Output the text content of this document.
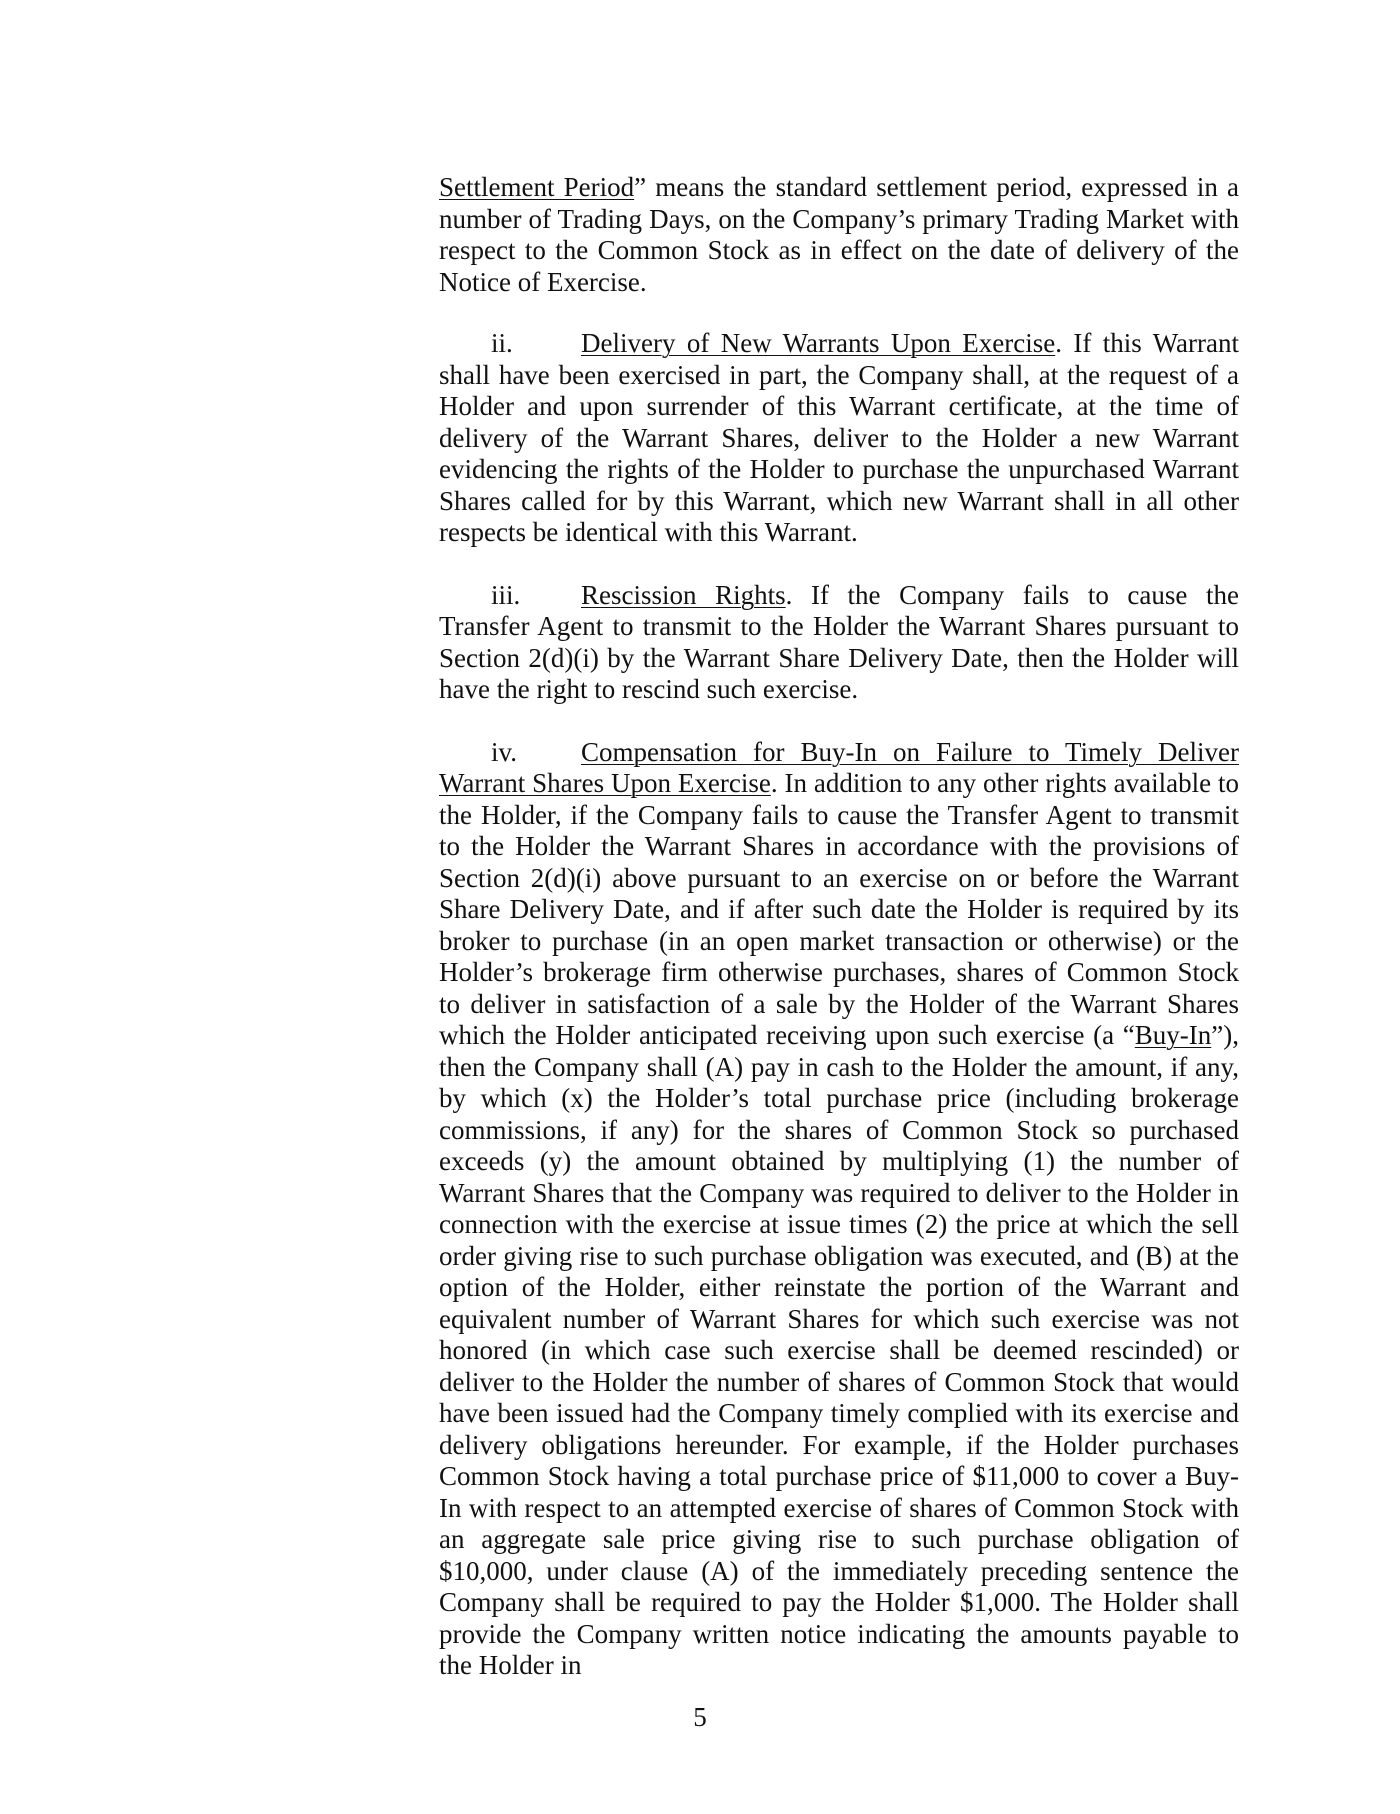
Settlement Period” means the standard settlement period, expressed in a number of Trading Days, on the Company’s primary Trading Market with respect to the Common Stock as in effect on the date of delivery of the Notice of Exercise.

ii.	Delivery of New Warrants Upon Exercise. If this Warrant shall have been exercised in part, the Company shall, at the request of a Holder and upon surrender of this Warrant certificate, at the time of delivery of the Warrant Shares, deliver to the Holder a new Warrant evidencing the rights of the Holder to purchase the unpurchased Warrant Shares called for by this Warrant, which new Warrant shall in all other respects be identical with this Warrant.

iii. Rescission Rights. If the Company fails to cause the Transfer Agent to transmit to the Holder the Warrant Shares pursuant to Section 2(d)(i) by the Warrant Share Delivery Date, then the Holder will have the right to rescind such exercise.

iv. Compensation for Buy-In on Failure to Timely Deliver Warrant Shares Upon Exercise. In addition to any other rights available to the Holder, if the Company fails to cause the Transfer Agent to transmit to the Holder the Warrant Shares in accordance with the provisions of Section 2(d)(i) above pursuant to an exercise on or before the Warrant Share Delivery Date, and if after such date the Holder is required by its broker to purchase (in an open market transaction or otherwise) or the Holder’s brokerage firm otherwise purchases, shares of Common Stock to deliver in satisfaction of a sale by the Holder of the Warrant Shares which the Holder anticipated receiving upon such exercise (a “Buy-In”), then the Company shall (A) pay in cash to the Holder the amount, if any, by which (x) the Holder’s total purchase price (including brokerage commissions, if any) for the shares of Common Stock so purchased exceeds (y) the amount obtained by multiplying (1) the number of Warrant Shares that the Company was required to deliver to the Holder in connection with the exercise at issue times (2) the price at which the sell order giving rise to such purchase obligation was executed, and (B) at the option of the Holder, either reinstate the portion of the Warrant and equivalent number of Warrant Shares for which such exercise was not honored (in which case such exercise shall be deemed rescinded) or deliver to the Holder the number of shares of Common Stock that would have been issued had the Company timely complied with its exercise and delivery obligations hereunder. For example, if the Holder purchases Common Stock having a total purchase price of $11,000 to cover a Buy-In with respect to an attempted exercise of shares of Common Stock with an aggregate sale price giving rise to such purchase obligation of $10,000, under clause (A) of the immediately preceding sentence the Company shall be required to pay the Holder $1,000. The Holder shall provide the Company written notice indicating the amounts payable to the Holder in

5
